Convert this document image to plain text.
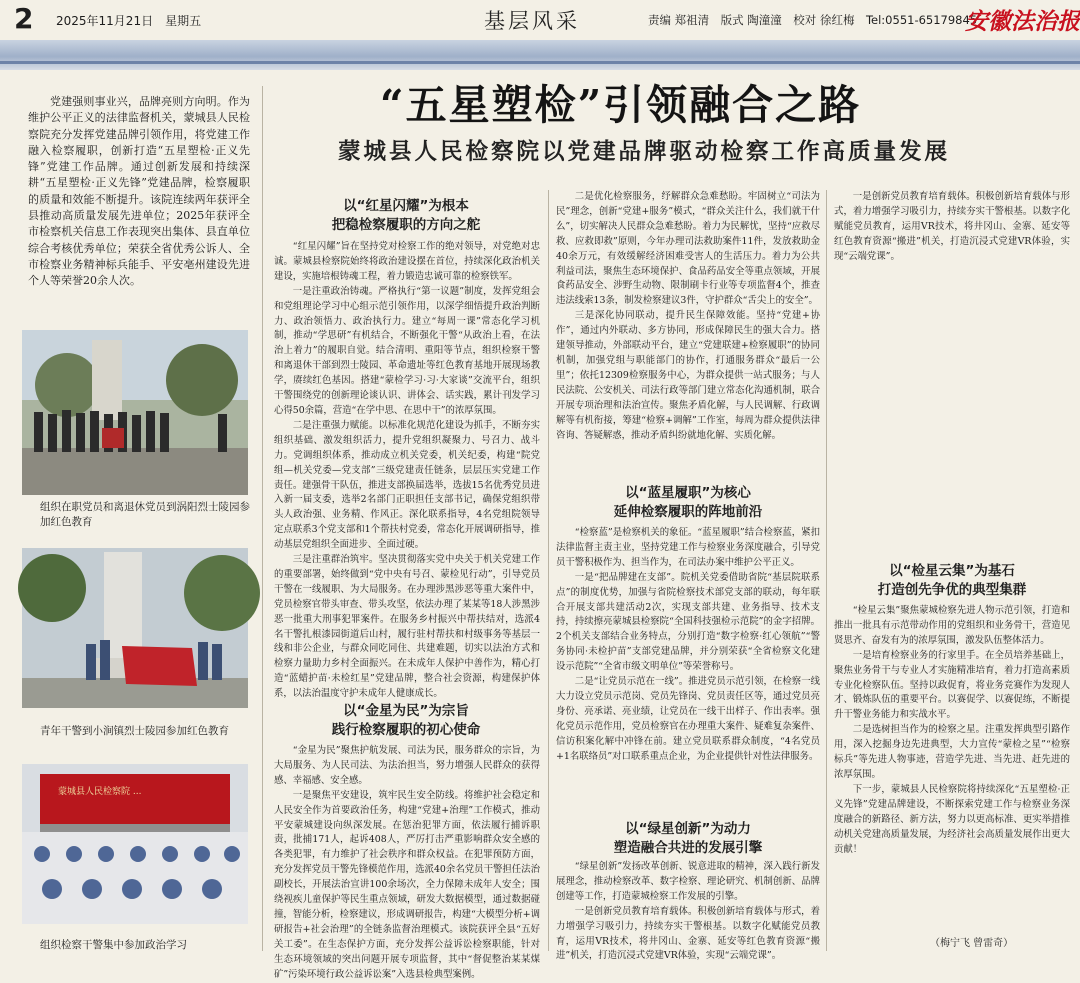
2 2025年11月21日　星期五	基层风采	责编 郑祖清　版式 陶潼潼　校对 徐红梅　Tel:0551-65179845
安徽法治报

党建强则事业兴，品牌亮则方向明。作为维护公平正义的法律监督机关，蒙城县人民检察院充分发挥党建品牌引领作用，将党建工作融入检察履职，创新打造“五星塑检·正义先锋”党建工作品牌。通过创新发展和持续深耕“五星塑检·正义先锋”党建品牌，检察履职的质量和效能不断提升。该院连续两年获评全县推动高质量发展先进单位；2025年获评全市检察机关信息工作表现突出集体、县直单位综合考核优秀单位；荣获全省优秀公诉人、全市检察业务精神标兵能手、平安亳州建设先进个人等荣誉20余人次。

组织在职党员和离退休党员到涡阳烈士陵园参加红色教育

青年干警到小涧镇烈士陵园参加红色教育

蒙城县人民检察院 ...

组织检察干警集中参加政治学习

“五星塑检”引领融合之路
蒙城县人民检察院以党建品牌驱动检察工作高质量发展
以“红星闪耀”为根本
把稳检察履职的方向之舵

“红星闪耀”旨在坚持党对检察工作的绝对领导，对党绝对忠诚。蒙城县检察院始终将政治建设摆在首位，持续深化政治机关建设，实施培根铸魂工程，着力锻造忠诚可靠的检察铁军。

一是注重政治铸魂。严格执行“第一议题”制度，发挥党组会和党组理论学习中心组示范引领作用，以深学细悟提升政治判断力、政治领悟力、政治执行力。建立“每周一课”常态化学习机制，推动“学思研”有机结合，不断强化干警“从政治上看，在法治上着力”的履职自觉。结合清明、重阳等节点，组织检察干警和离退休干部到烈士陵园、革命遗址等红色教育基地开展现场教学，赓续红色基因。搭建“蒙检学习·习·大家谈”交流平台，组织干警围绕党的创新理论谈认识、讲体会、话实践，累计刊发学习心得50余篇，营造“在学中思、在思中干”的浓厚氛围。

二是注重强力赋能。以标准化规范化建设为抓手，不断夯实组织基础、激发组织活力，提升党组织凝聚力、号召力、战斗力。党调组织体系，推动成立机关党委，机关纪委，构建“院党组—机关党委—党支部”三级党建责任链条，层层压实党建工作责任。建强骨干队伍，推进支部换届选举，选拔15名优秀党员进入新一届支委，选举2名部门正职担任支部书记，确保党组织带头人政治强、业务精、作风正。深化联系指导，4名党组院领导定点联系3个党支部和1个帮扶村党委，常态化开展调研指导，推动基层党组织全面进步、全面过硬。

三是注重群治筑牢。坚决贯彻落实党中央关于机关党建工作的重要部署，始终做到“党中央有号召、蒙检见行动”，引导党员干警在一线履职、为大局服务。在办理涉黑涉恶等重大案件中，党员检察官带头审查、带头攻坚，依法办理了某某等18人涉黑涉恶一批重大刑事犯罪案件。在服务乡村振兴中帮扶结对，选派4名干警扎根漆园街道后山村，履行驻村帮扶和村级事务等基层一线和非公企业，与群众同吃同住、共建难题，切实以法治方式和检察力量助力乡村全面振兴。在未成年人保护中善作为，精心打造“蓝蜡护苗·未检红星”党建品牌，整合社会资源，构建保护体系，以法治温度守护未成年人健康成长。

以“金星为民”为宗旨
践行检察履职的初心使命

“金星为民”聚焦护航发展、司法为民，服务群众的宗旨，为大局服务、为人民司法、为法治担当，努力增强人民群众的获得感、幸福感、安全感。

一是聚焦平安建设，筑牢民生安全防线。将维护社会稳定和人民安全作为首要政治任务，构建“党建+治理”工作模式，推动平安蒙城建设向纵深发展。在惩治犯罪方面，依法履行捕诉职责，批捕171人，起诉408人，严厉打击严重影响群众安全感的各类犯罪，有力维护了社会秩序和群众权益。在犯罪预防方面，充分发挥党员干警先锋模范作用，选派40余名党员干警担任法治副校长，开展法治宣讲100余场次，全力保障未成年人安全；围绕视疾儿童保护等民生重点领域，研发大数据模型，通过数据碰撞，智能分析，检察建议，形成调研报告，构建“大模型分析+调研报告+社会治理”的全链条监督治理模式。该院获评全县“五好关工委”。在生态保护方面，充分发挥公益诉讼检察职能，针对生态环境领域的突出问题开展专项监督，其中“督促整治某某煤矿”污染环境行政公益诉讼案”入选县检典型案例。

二是优化检察服务，纾解群众急难愁盼。牢固树立“司法为民”理念，创新“党建+服务”模式，“群众关注什么，我们就干什么”，切实解决人民群众急难愁盼。着力为民解忧，坚持“应救尽救、应救即救”原则，今年办理司法救助案件11件，发放救助金40余万元，有效缓解经济困难受害人的生活压力。着力为公共利益司法，聚焦生态环境保护、食品药品安全等重点领域，开展食药品安全、涉野生动物、限制刷卡行业等专项监督4个，推查违法线索13条，制发检察建议3件，守护群众“舌尖上的安全”。

三是深化协同联动，提升民生保障效能。坚持“党建+协作”，通过内外联动、多方协同，形成保障民生的强大合力。搭建领导推动，外部联动平台，建立“党建联建+检察履职”的协同机制，加强党组与职能部门的协作，打通服务群众“最后一公里”；依托12309检察服务中心，为群众提供一站式服务；与人民法院、公安机关、司法行政等部门建立常态化沟通机制，联合开展专项治理和法治宣传。聚焦矛盾化解，与人民调解、行政调解等有机衔接，筹建“检察+调解”工作室，每周为群众提供法律咨询、答疑解惑，推动矛盾纠纷就地化解、实质化解。

以“蓝星履职”为核心
延伸检察履职的阵地前沿

“检察蓝”是检察机关的象征。“蓝星履职”结合检察蓝，紧扣法律监督主责主业，坚持党建工作与检察业务深度融合，引导党员干警积极作为、担当作为，在司法办案中维护公平正义。

一是“把品牌建在支部”。院机关党委借助省院“基层院联系点”的制度优势，加强与省院检察技术部党支部的联动，每年联合开展支部共建活动2次，实现支部共建、业务指导、技术支持，持续擦亮蒙城县检察院“全国科技强检示范院”的金字招牌。2个机关支部结合业务特点，分别打造“数字检察·红心领航”“警务协同·未检护苗”支部党建品牌，并分别荣获“全省检察文化建设示范院”“全省市级文明单位”等荣誉称号。

二是“让党员示范在一线”。推进党员示范引领，在检察一线大力设立党员示范岗、党员先锋岗、党员责任区等，通过党员亮身份、亮承诺、亮业绩，让党员在一线干出样子、作出表率。强化党员示范作用，党员检察官在办理重大案件、疑难复杂案件、信访积案化解中冲锋在前。建立党员联系群众制度，“4名党员+1名联络员”对口联系重点企业，为企业提供针对性法律服务。

以“绿星创新”为动力
塑造融合共进的发展引擎

“绿星创新”发扬改革创新、锐意进取的精神，深入践行新发展理念，推动检察改革、数字检察、理论研究、机制创新、品牌创建等工作，打造蒙城检察工作发展的引擎。

一是创新党员教育培育载体。积极创新培育载体与形式，着力增强学习吸引力，持续夯实干警根基。以数字化赋能党员教育，运用VR技术，将井冈山、金寨、延安等红色教育资源“搬进”机关，打造沉浸式党建VR体验，实现“云端党课”。

一是创新党员教育培育载体。积极创新培育载体与形式，着力增强学习吸引力，持续夯实干警根基。以数字化赋能党员教育，运用VR技术，将井冈山、金寨、延安等红色教育资源“搬进”机关，打造沉浸式党建VR体验，实现“云端党课”。

以“检星云集”为基石
打造创先争优的典型集群

“检星云集”聚焦蒙城检察先进人物示范引领，打造和推出一批具有示范带动作用的党组织和业务骨干，营造见贤思齐、奋发有为的浓厚氛围，激发队伍整体活力。

一是培育检察业务的行家里手。在全员培养基础上，聚焦业务骨干与专业人才实施精准培育，着力打造高素质专业化检察队伍。坚持以政促育，将业务竞赛作为发现人才、锻炼队伍的重要平台。以赛促学、以赛促练，不断提升干警业务能力和实战水平。

二是选树担当作为的检察之星。注重发挥典型引路作用，深入挖掘身边先进典型，大力宣传“蒙检之星”“检察标兵”等先进人物事迹，营造学先进、当先进、赶先进的浓厚氛围。

下一步，蒙城县人民检察院将持续深化“五星塑检·正义先锋”党建品牌建设，不断探索党建工作与检察业务深度融合的新路径、新方法，努力以更高标准、更实举措推动机关党建高质量发展，为经济社会高质量发展作出更大贡献！

（梅宁飞 曾雷奇）
